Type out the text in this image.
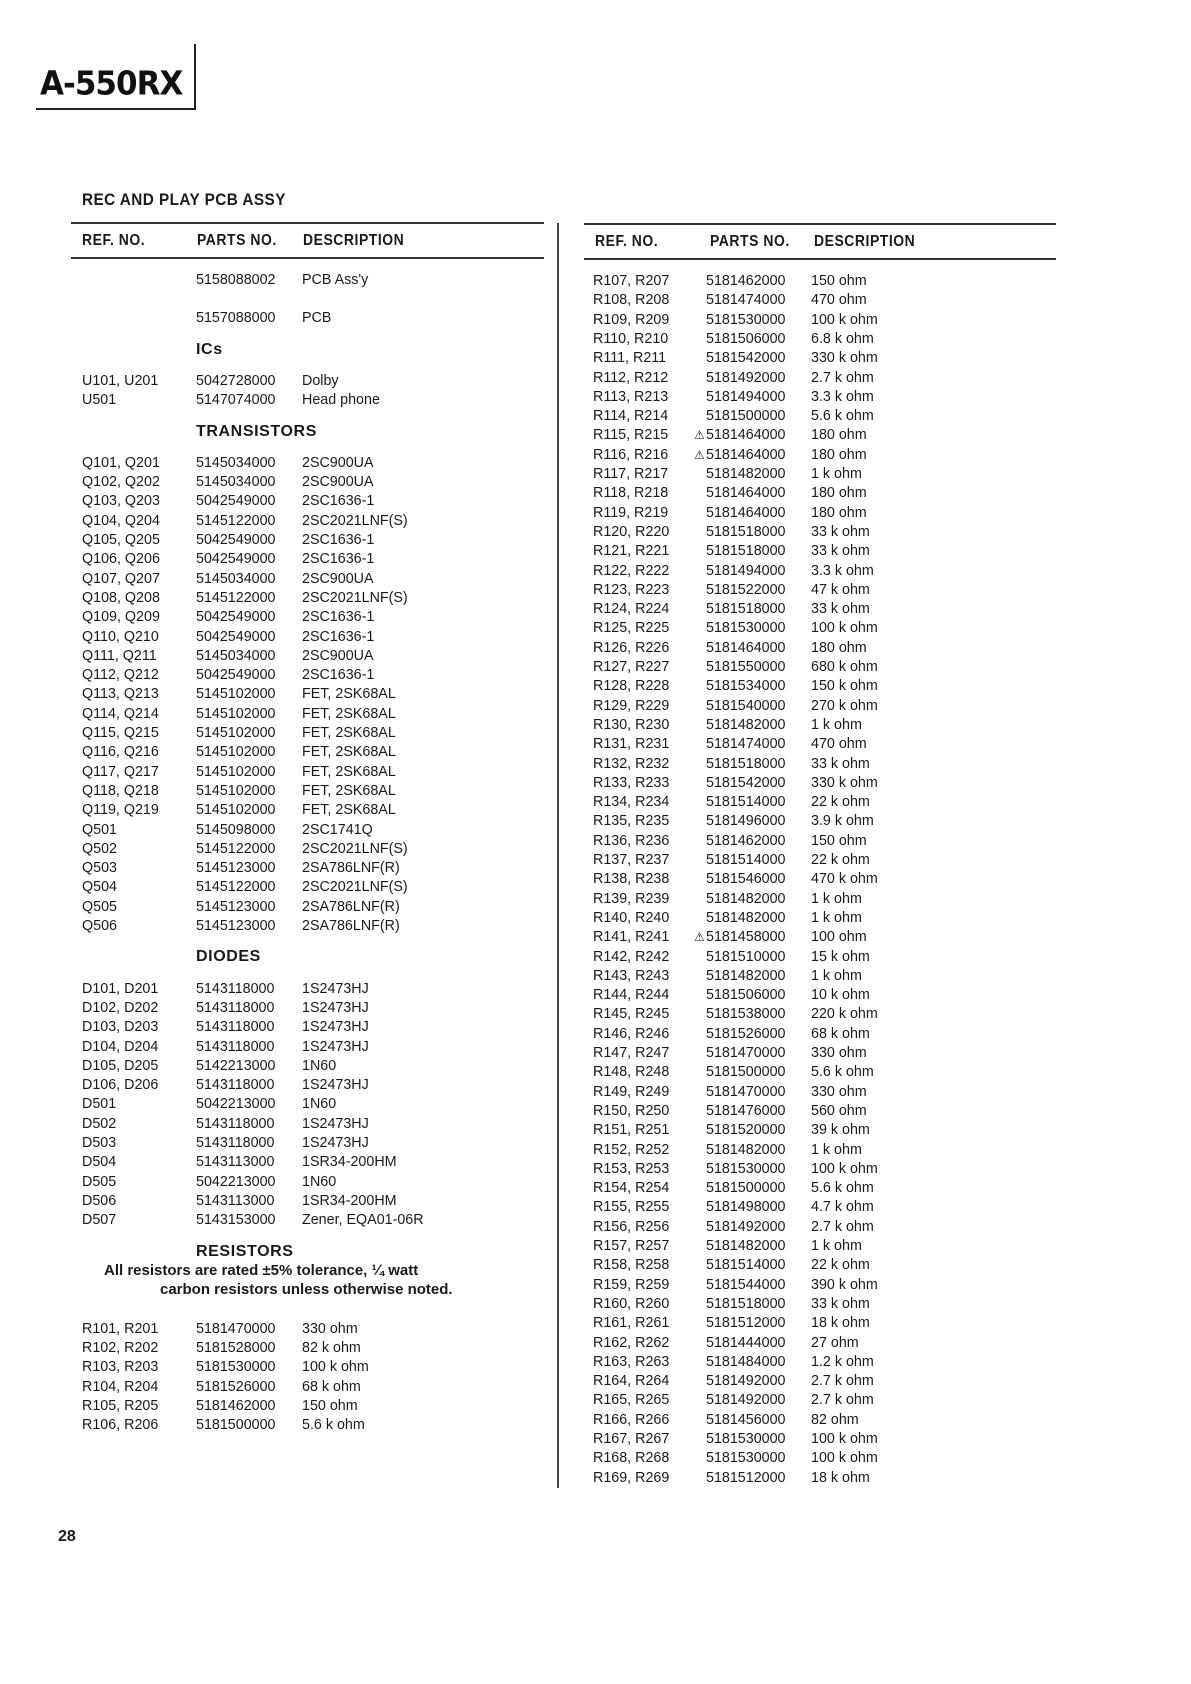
A-550RX
REC AND PLAY PCB ASSY
REF. NO.	PARTS NO. DESCRIPTION	REF. NO.	PARTS NO. DESCRIPTION
5158088002 PCB Ass'y
5157088000 PCB
ICs
U101, U201	5042728000 Dolby
U501	5147074000 Head phone
TRANSISTORS
Q101, Q201	5145034000 2SC900UA
Q102, Q202	5145034000 2SC900UA
Q103, Q203	5042549000 2SC1636-1
Q104, Q204	5145122000 2SC2021LNF(S)
Q105, Q205	5042549000 2SC1636-1
Q106, Q206	5042549000 2SC1636-1
Q107, Q207	5145034000 2SC900UA
Q108, Q208	5145122000 2SC2021LNF(S)
Q109, Q209	5042549000 2SC1636-1
Q110, Q210	5042549000 2SC1636-1
Q111, Q211	5145034000 2SC900UA
Q112, Q212	5042549000 2SC1636-1
Q113, Q213	5145102000 FET, 2SK68AL
Q114, Q214	5145102000 FET, 2SK68AL
Q115, Q215	5145102000 FET, 2SK68AL
Q116, Q216	5145102000 FET, 2SK68AL
Q117, Q217	5145102000 FET, 2SK68AL
Q118, Q218	5145102000 FET, 2SK68AL
Q119, Q219	5145102000 FET, 2SK68AL
Q501	5145098000 2SC1741Q
Q502	5145122000 2SC2021LNF(S)
Q503	5145123000 2SA786LNF(R)
Q504	5145122000 2SC2021LNF(S)
Q505	5145123000 2SA786LNF(R)
Q506	5145123000 2SA786LNF(R)
DIODES
D101, D201	5143118000 1S2473HJ
D102, D202	5143118000 1S2473HJ
D103, D203	5143118000 1S2473HJ
D104, D204	5143118000 1S2473HJ
D105, D205	5142213000 1N60
D106, D206	5143118000 1S2473HJ
D501	5042213000 1N60
D502	5143118000 1S2473HJ
D503	5143118000 1S2473HJ
D504	5143113000 1SR34-200HM
D505	5042213000 1N60
D506	5143113000 1SR34-200HM
D507	5143153000 Zener, EQA01-06R
RESISTORS
All resistors are rated ±5% tolerance, ¼ watt
carbon resistors unless otherwise noted.
R101, R201	5181470000 330 ohm
R102, R202	5181528000 82 k ohm
R103, R203	5181530000 100 k ohm
R104, R204	5181526000 68 k ohm
R105, R205	5181462000 150 ohm
R106, R206	5181500000 5.6 k ohm
R107, R207	5181462000 150 ohm
R108, R208	5181474000 470 ohm
R109, R209	5181530000 100 k ohm
R110, R210	5181506000 6.8 k ohm
R111, R211	5181542000 330 k ohm
R112, R212	5181492000 2.7 k ohm
R113, R213	5181494000 3.3 k ohm
R114, R214	5181500000 5.6 k ohm
R115, R215 ⚠ 5181464000 180 ohm
R116, R216 ⚠ 5181464000 180 ohm
R117, R217	5181482000 1 k ohm
R118, R218	5181464000 180 ohm
R119, R219	5181464000 180 ohm
R120, R220	5181518000 33 k ohm
R121, R221	5181518000 33 k ohm
R122, R222	5181494000 3.3 k ohm
R123, R223	5181522000 47 k ohm
R124, R224	5181518000 33 k ohm
R125, R225	5181530000 100 k ohm
R126, R226	5181464000 180 ohm
R127, R227	5181550000 680 k ohm
R128, R228	5181534000 150 k ohm
R129, R229	5181540000 270 k ohm
R130, R230	5181482000 1 k ohm
R131, R231	5181474000 470 ohm
R132, R232	5181518000 33 k ohm
R133, R233	5181542000 330 k ohm
R134, R234	5181514000 22 k ohm
R135, R235	5181496000 3.9 k ohm
R136, R236	5181462000 150 ohm
R137, R237	5181514000 22 k ohm
R138, R238	5181546000 470 k ohm
R139, R239	5181482000 1 k ohm
R140, R240	5181482000 1 k ohm
R141, R241 ⚠ 5181458000 100 ohm
R142, R242	5181510000 15 k ohm
R143, R243	5181482000 1 k ohm
R144, R244	5181506000 10 k ohm
R145, R245	5181538000 220 k ohm
R146, R246	5181526000 68 k ohm
R147, R247	5181470000 330 ohm
R148, R248	5181500000 5.6 k ohm
R149, R249	5181470000 330 ohm
R150, R250	5181476000 560 ohm
R151, R251	5181520000 39 k ohm
R152, R252	5181482000 1 k ohm
R153, R253	5181530000 100 k ohm
R154, R254	5181500000 5.6 k ohm
R155, R255	5181498000 4.7 k ohm
R156, R256	5181492000 2.7 k ohm
R157, R257	5181482000 1 k ohm
R158, R258	5181514000 22 k ohm
R159, R259	5181544000 390 k ohm
R160, R260	5181518000 33 k ohm
R161, R261	5181512000 18 k ohm
R162, R262	5181444000 27 ohm
R163, R263	5181484000 1.2 k ohm
R164, R264	5181492000 2.7 k ohm
R165, R265	5181492000 2.7 k ohm
R166, R266	5181456000 82 ohm
R167, R267	5181530000 100 k ohm
R168, R268	5181530000 100 k ohm
R169, R269	5181512000 18 k ohm
28
